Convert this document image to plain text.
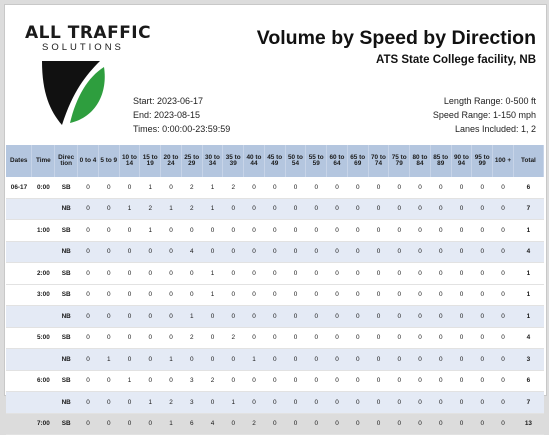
ALL TRAFFIC
SOLUTIONS	Volume by Speed by Direction
ATS State College facility, NB
Start: 2023-06-17
End: 2023-08-15
Times: 0:00:00-23:59:59
Length Range: 0-500 ft
Speed Range: 1-150 mph
Lanes Included: 1, 2
Dates	Time	Direc tion	0 to 4	5 to 9	10 to 14	15 to 19	20 to 24	25 to 29	30 to 34	35 to 39	40 to 44	45 to 49	50 to 54	55 to 59	60 to 64	65 to 69	70 to 74	75 to 79	80 to 84	85 to 89	90 to 94	95 to 99	100 +	Total
06-17	0:00	SB	0	0	0	1	0	2	1	2	0	0	0	0	0	0	0	0	0	0	0	0	0	6
		NB	0	0	1	2	1	2	1	0	0	0	0	0	0	0	0	0	0	0	0	0	0	7
	1:00	SB	0	0	0	1	0	0	0	0	0	0	0	0	0	0	0	0	0	0	0	0	0	1
		NB	0	0	0	0	0	4	0	0	0	0	0	0	0	0	0	0	0	0	0	0	0	4
	2:00	SB	0	0	0	0	0	0	1	0	0	0	0	0	0	0	0	0	0	0	0	0	0	1
	3:00	SB	0	0	0	0	0	0	1	0	0	0	0	0	0	0	0	0	0	0	0	0	0	1
		NB	0	0	0	0	0	1	0	0	0	0	0	0	0	0	0	0	0	0	0	0	0	1
	5:00	SB	0	0	0	0	0	2	0	2	0	0	0	0	0	0	0	0	0	0	0	0	0	4
		NB	0	1	0	0	1	0	0	0	1	0	0	0	0	0	0	0	0	0	0	0	0	3
	6:00	SB	0	0	1	0	0	3	2	0	0	0	0	0	0	0	0	0	0	0	0	0	0	6
		NB	0	0	0	1	2	3	0	1	0	0	0	0	0	0	0	0	0	0	0	0	0	7
	7:00	SB	0	0	0	0	1	6	4	0	2	0	0	0	0	0	0	0	0	0	0	0	0	13
